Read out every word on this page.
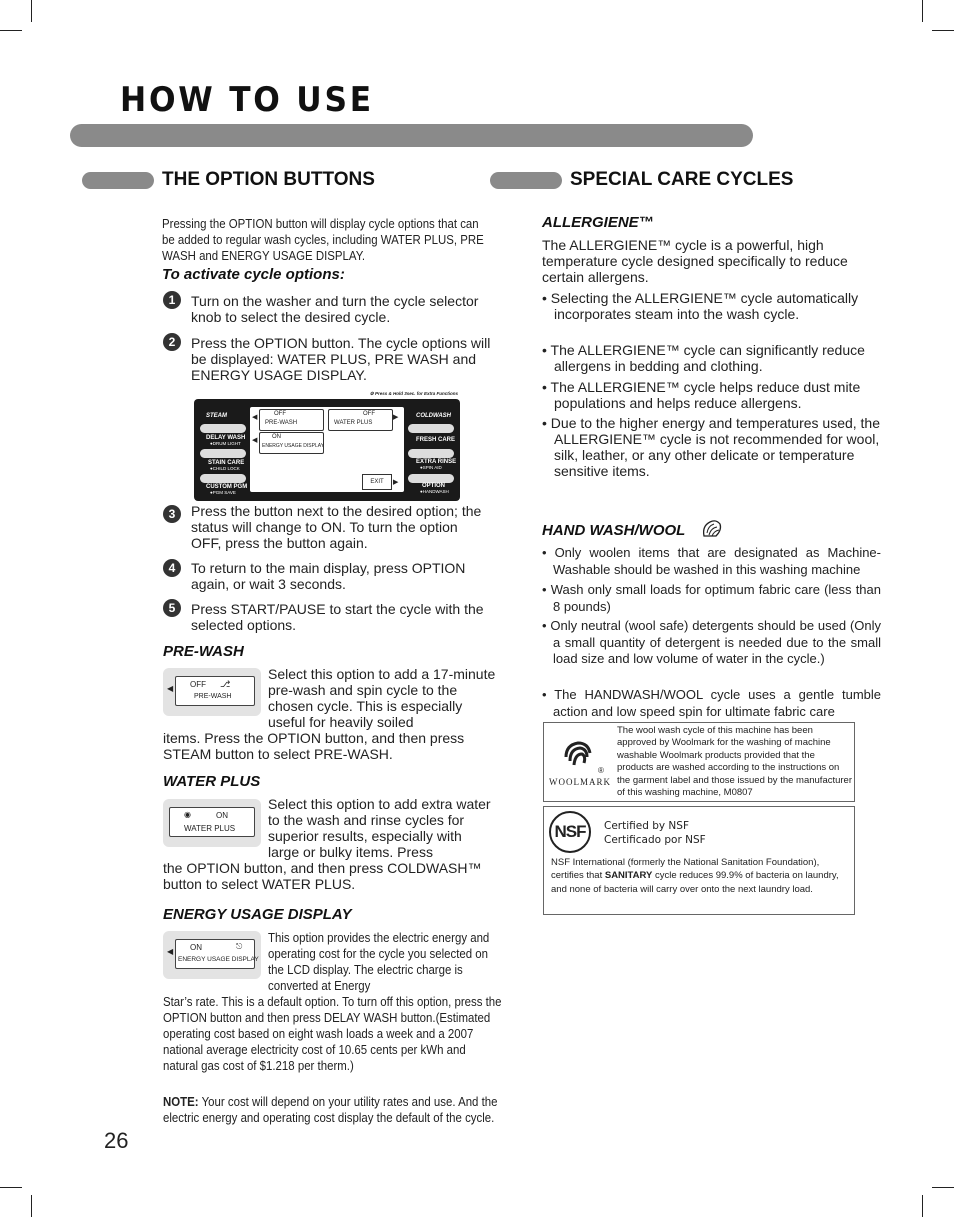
HOW TO USE
THE OPTION BUTTONS
Pressing the OPTION button will display cycle options that can be added to regular wash cycles, including WATER PLUS, PRE WASH and ENERGY USAGE DISPLAY.
To activate cycle options:
1	Turn on the washer and turn the cycle selector knob to select the desired cycle.
2	Press the OPTION button. The cycle options will be displayed: WATER PLUS, PRE WASH and ENERGY USAGE DISPLAY.
⚙ Press & Hold 3sec. for Extra Functions
STEAM
DELAY WASH
●DRUM LIGHT
STAIN CARE
●CHILD LOCK
CUSTOM PGM
●PGM SAVE
COLDWASH
FRESH CARE
EXTRA RINSE
●SPIN AID
OPTION
●HANDWASH
◀	▶
◀
▶
OFF
PRE-WASH
OFF
WATER PLUS
ON
ENERGY USAGE DISPLAY
EXIT
3	Press the button next to the desired option; the status will change to ON. To turn the option OFF, press the button again.
4	To return to the main display, press OPTION again, or wait 3 seconds.
5	Press START/PAUSE to start the cycle with the selected options.
PRE-WASH
◀ OFF ⎇
PRE-WASH
Select this option to add a 17-minute pre-wash and spin cycle to the chosen cycle. This is especially useful for heavily soiled
items. Press the OPTION button, and then press STEAM button to select PRE-WASH.
WATER PLUS
◉	ON
WATER PLUS
Select this option to add extra water to the wash and rinse cycles for superior results, especially with large or bulky items. Press
the OPTION button, and then press COLDWASH™ button to select WATER PLUS.
ENERGY USAGE DISPLAY
◀ ON	⎋
ENERGY USAGE DISPLAY
This option provides the electric energy and operating cost for the cycle you selected on the LCD display. The electric charge is converted at Energy
Star’s rate. This is a default option. To turn off this option, press the OPTION button and then press DELAY WASH button.(Estimated operating cost based on eight wash loads a week and a 2007 national average electricity cost of 10.65 cents per kWh and natural gas cost of $1.218 per therm.)
NOTE: Your cost will depend on your utility rates and use. And the electric energy and operating cost display the default of the cycle.
26
SPECIAL CARE CYCLES
ALLERGIENE™
The ALLERGIENE™ cycle is a powerful, high temperature cycle designed specifically to reduce certain allergens.
• Selecting the ALLERGIENE™ cycle automatically incorporates steam into the wash cycle.
• The ALLERGIENE™ cycle can significantly reduce allergens in bedding and clothing.
• The ALLERGIENE™ cycle helps reduce dust mite populations and helps reduce allergens.
• Due to the higher energy and temperatures used, the ALLERGIENE™ cycle is not recommended for wool, silk, leather, or any other delicate or temperature sensitive items.
HAND WASH/WOOL
• Only woolen items that are designated as Machine-Washable should be washed in this washing machine
• Wash only small loads for optimum fabric care (less than 8 pounds)
• Only neutral (wool safe) detergents should be used (Only a small quantity of detergent is needed due to the small load size and low volume of water in the cycle.)
• The HANDWASH/WOOL cycle uses a gentle tumble action and low speed spin for ultimate fabric care
WOOLMARK
®
The wool wash cycle of this machine has been approved by Woolmark for the washing of machine washable Woolmark products provided that the products are washed according to the instructions on the garment label and those issued by the manufacturer of this washing machine, M0807
NSF	Certified by NSF
Certificado por NSF
NSF International (formerly the National Sanitation Foundation), certifies that SANITARY cycle reduces 99.9% of bacteria on laundry, and none of bacteria will carry over onto the next laundry load.
